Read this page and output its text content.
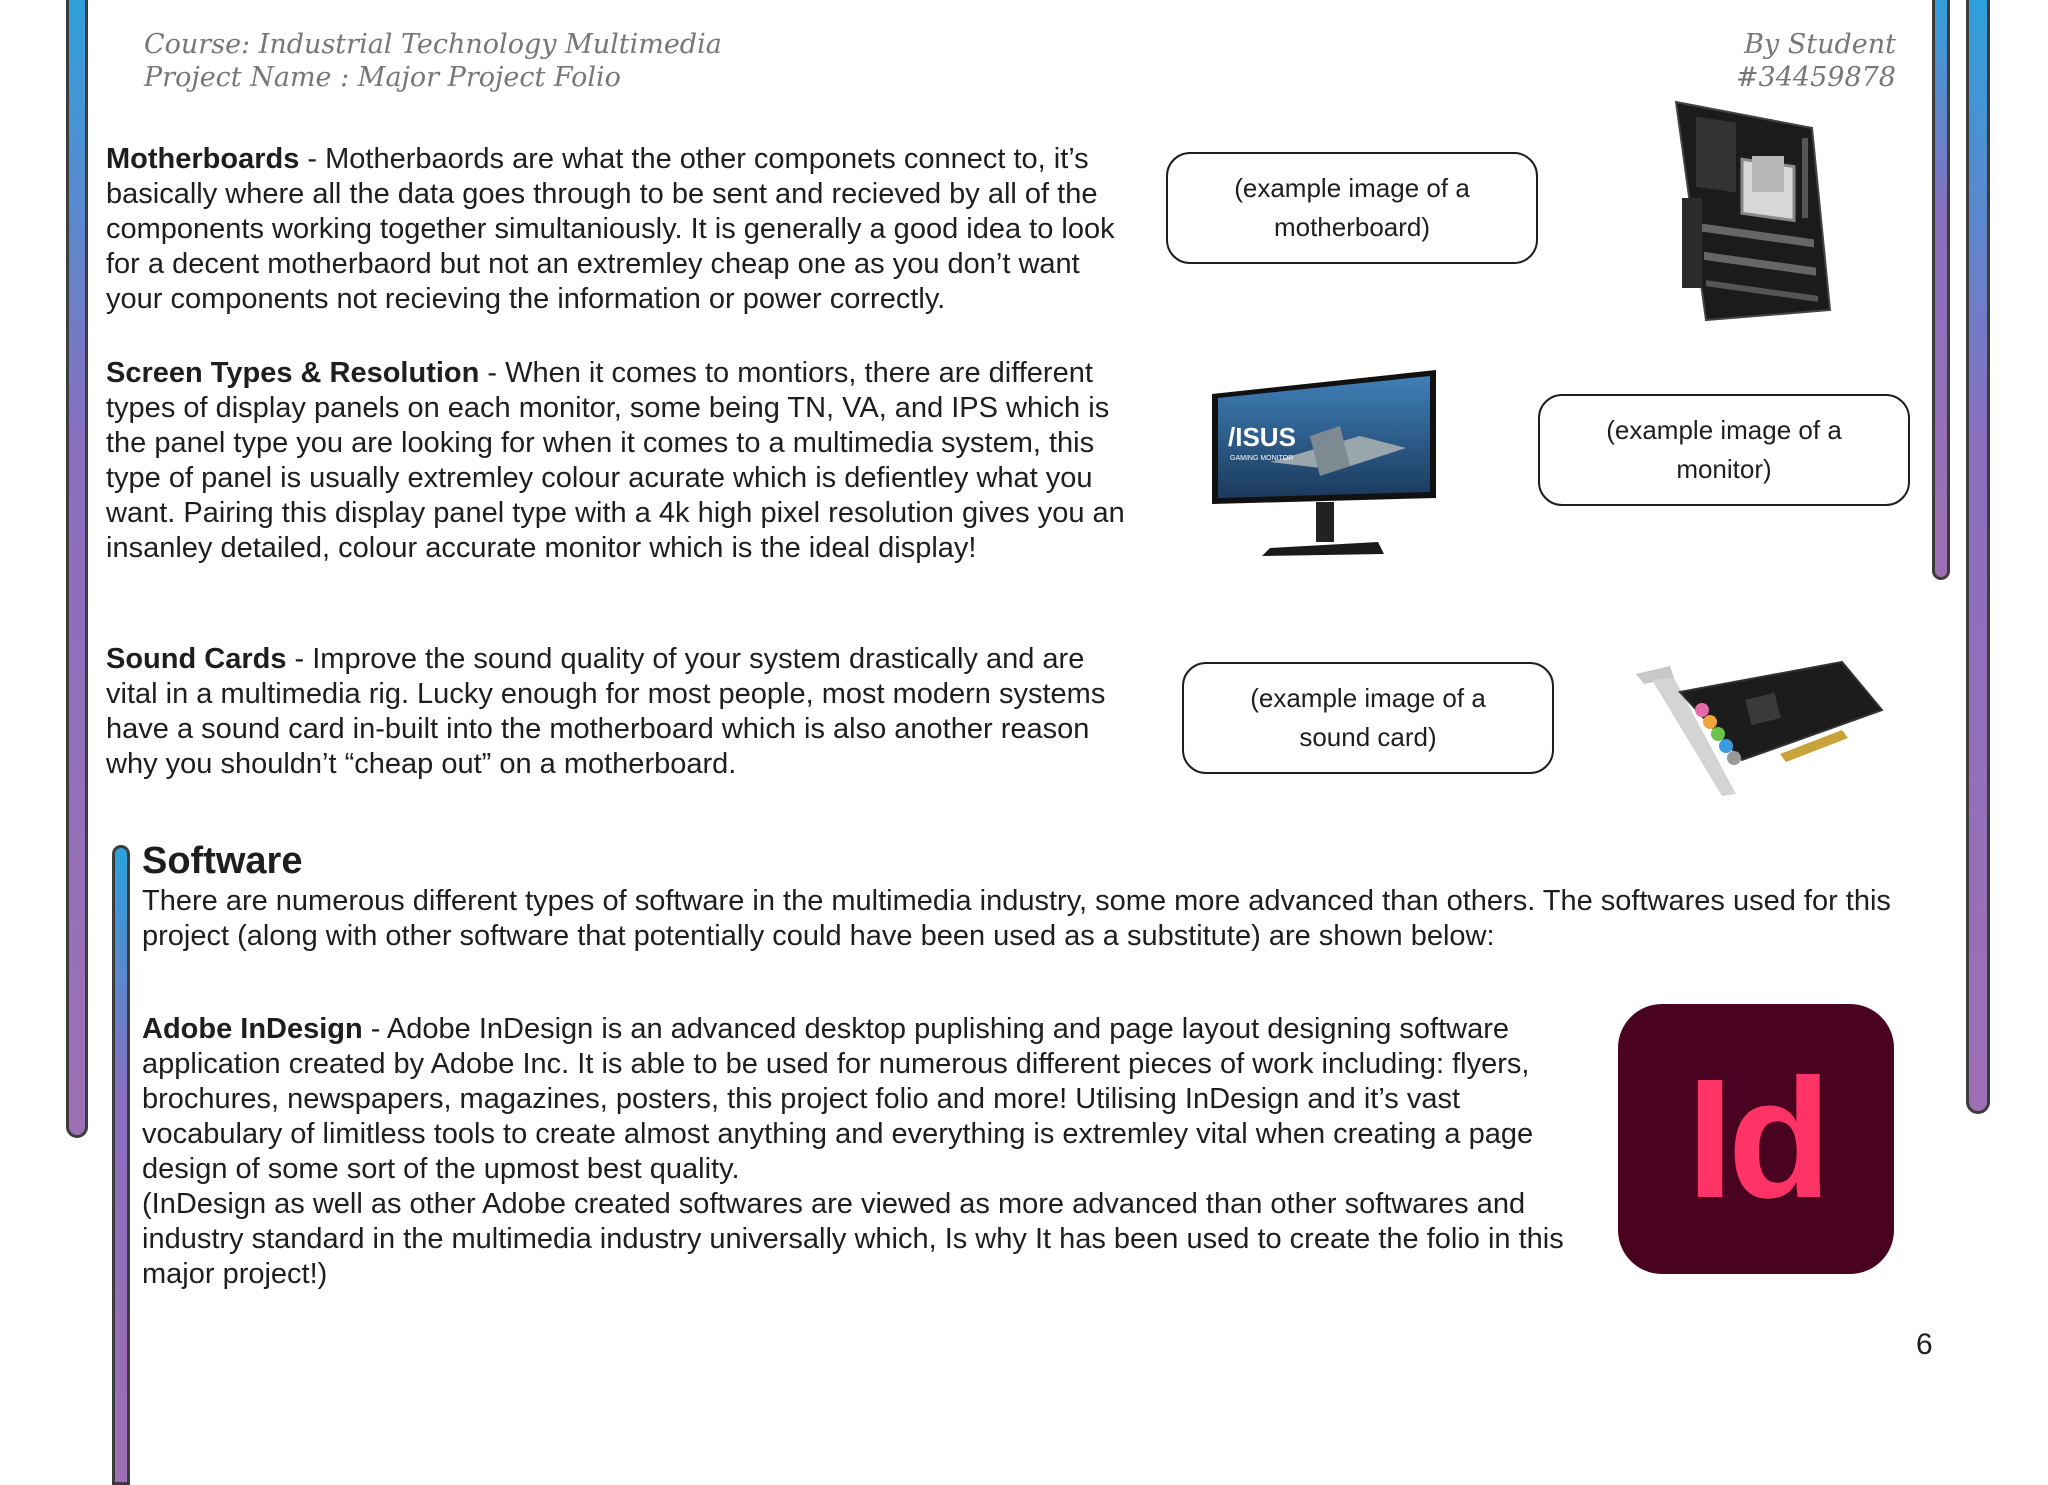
Course: Industrial Technology Multimedia
Project Name : Major Project Folio
By Student
#34459878
Motherboards - Motherbaords are what the other componets connect to, it’s basically where all the data goes through to be sent and recieved by all of the components working together simultaniously. It is generally a good idea to look for a decent motherbaord but not an extremley cheap one as you don’t want your components not recieving the information or power correctly.
(example image of a motherboard)
Screen Types & Resolution - When it comes to montiors, there are different types of display panels on each monitor, some being TN, VA, and IPS which is the panel type you are looking for when it comes to a multimedia system, this type of panel is usually extremley colour acurate which is defientley what you want. Pairing this display panel type with a 4k high pixel resolution gives you an insanley detailed, colour accurate monitor which is the ideal display!
/ISUS
GAMING MONITOR
(example image of a monitor)
Sound Cards - Improve the sound quality of your system drastically and are vital in a multimedia rig. Lucky enough for most people, most modern systems have a sound card in-built into the motherboard which is also another reason why you shouldn’t “cheap out” on a motherboard.
(example image of a sound card)
Software
There are numerous different types of software in the multimedia industry, some more advanced than others. The softwares used for this project (along with other software that potentially could have been used as a substitute) are shown below:
Adobe InDesign - Adobe InDesign is an advanced desktop puplishing and page layout designing software application created by Adobe Inc. It is able to be used for numerous different pieces of work including: flyers, brochures, newspapers, magazines, posters, this project folio and more! Utilising InDesign and it’s vast vocabulary of limitless tools to create almost anything and everything is extremley vital when creating a page design of some sort of the upmost best quality.
(InDesign as well as other Adobe created softwares are viewed as more advanced than other softwares and industry standard in the multimedia industry universally which, Is why It has been used to create the folio in this major project!)
Id
6
